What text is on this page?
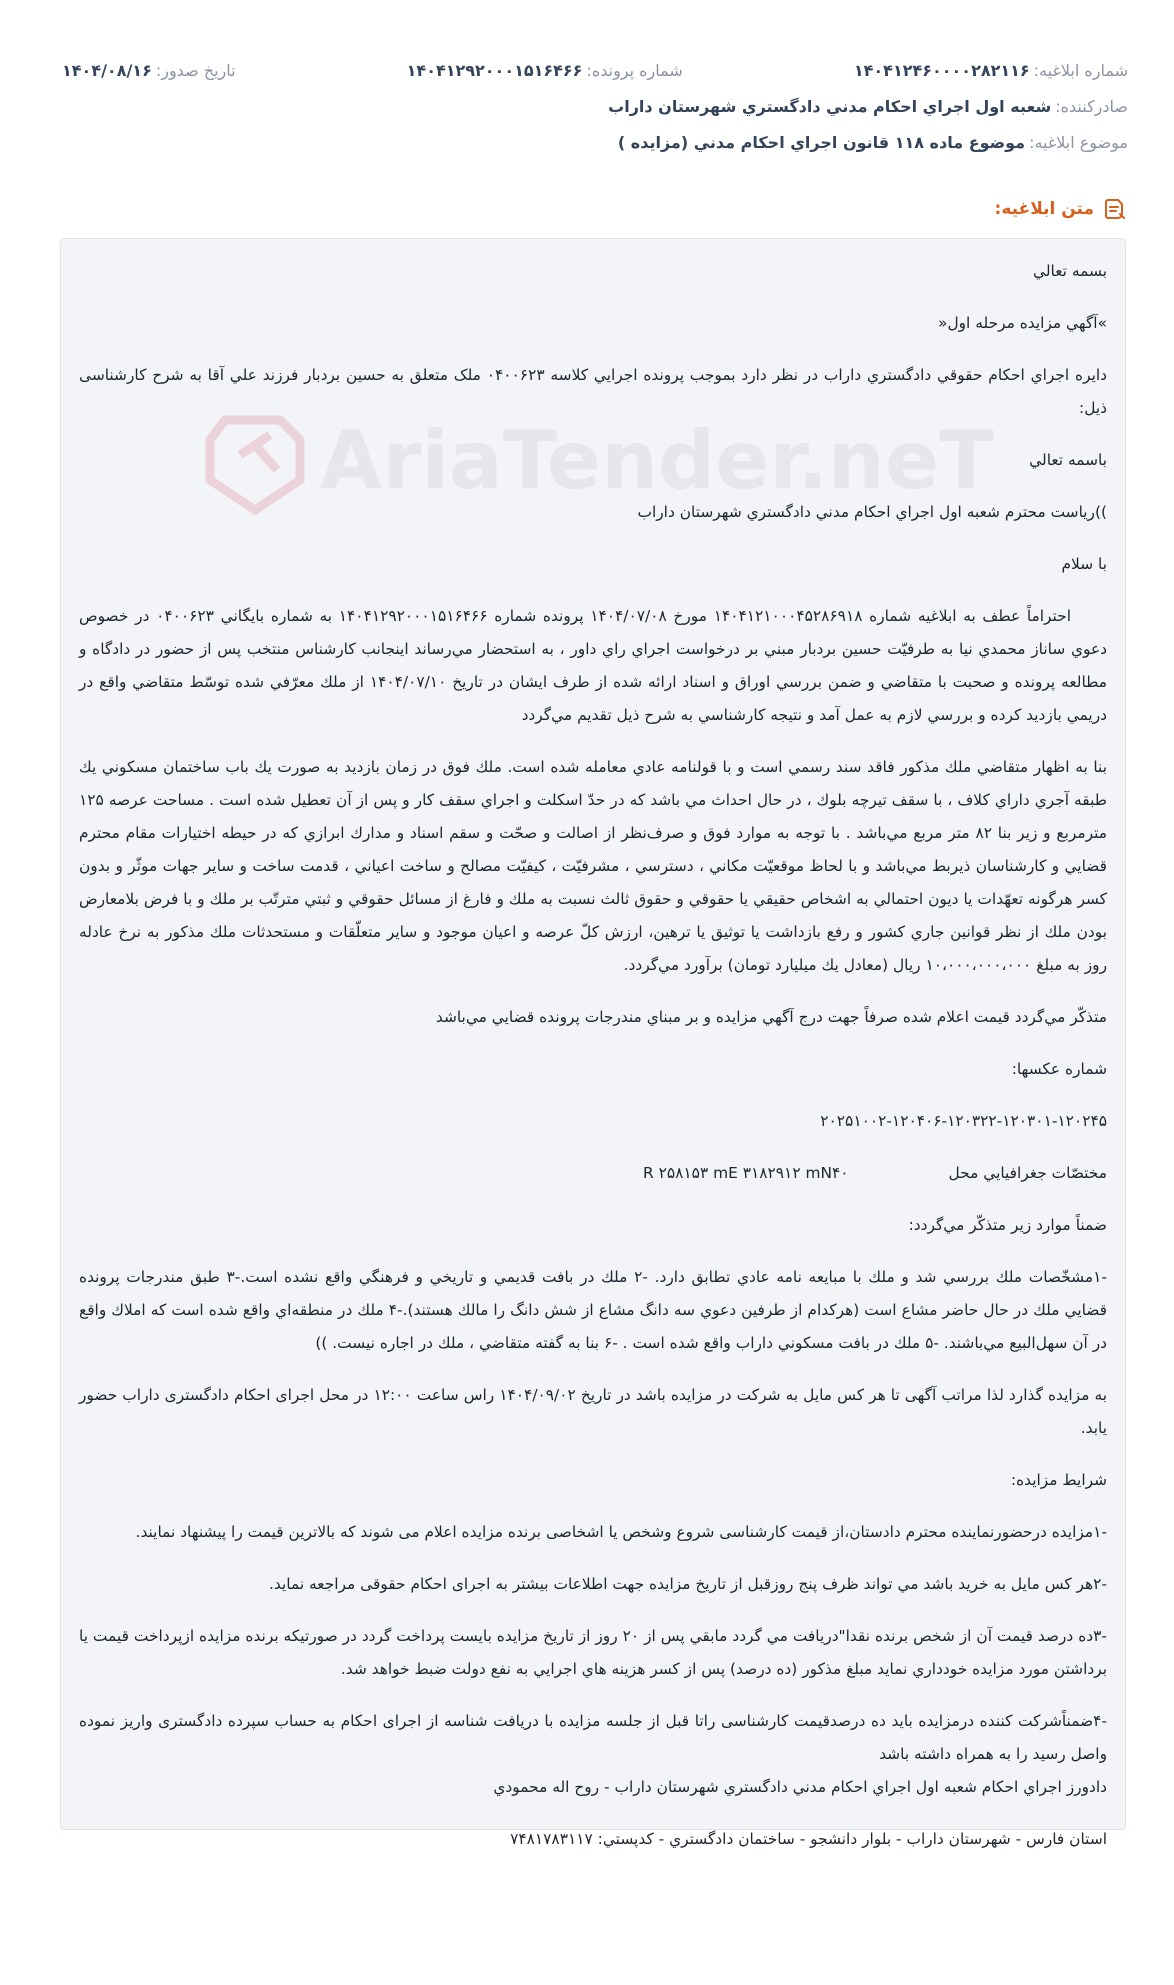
شماره ابلاغيه:
۱۴۰۴۱۲۴۶۰۰۰۰۲۸۲۱۱۶
شماره پرونده:
۱۴۰۴۱۲۹۲۰۰۰۱۵۱۶۴۶۶
تاريخ صدور:
۱۴۰۴/۰۸/۱۶
صادرکننده:
شعبه اول اجراي احکام مدني دادگستري شهرستان داراب
موضوع ابلاغيه:
موضوع ماده ۱۱۸ قانون اجراي احکام مدني (مزايده )
متن ابلاغيه:

بسمه تعالي

»آگهي مزايده مرحله اول«

دايره اجراي احكام حقوقي دادگستري داراب در نظر دارد بموجب پرونده اجرايي كلاسه ۰۴۰۰۶۲۳ ملک متعلق به حسين بردبار فرزند علي آقا به شرح کارشناسی ذيل:

باسمه تعالي

))رياست محترم شعبه اول اجراي احكام مدني دادگستري شهرستان داراب

با سلام

احتراماً عطف به ابلاغيه شماره ۱۴۰۴۱۲۱۰۰۰۴۵۲۸۶۹۱۸ مورخ ۱۴۰۴/۰۷/۰۸ پرونده شماره ۱۴۰۴۱۲۹۲۰۰۰۱۵۱۶۴۶۶ به شماره بايگاني ۰۴۰۰۶۲۳ در خصوص دعوي ساناز محمدي نيا به طرفيّت حسين بردبار مبني بر درخواست اجراي راي داور ، به استحضار مي‌رساند اينجانب كارشناس منتخب پس از حضور در دادگاه و مطالعه پرونده و صحبت با متقاضي و ضمن بررسي اوراق و اسناد ارائه شده از طرف ايشان در تاريخ ۱۴۰۴/۰۷/۱۰ از ملك معرّفي شده توسّط متقاضي واقع در دريمي بازديد كرده و بررسي لازم به عمل آمد و نتيجه كارشناسي به شرح ذيل تقديم مي‌گردد

بنا به اظهار متقاضي ملك مذكور فاقد سند رسمي است و با قولنامه عادي معامله شده است. ملك فوق در زمان بازديد به صورت يك باب ساختمان مسكوني يك طبقه آجري داراي كلاف ، با سقف تيرچه بلوك ، در حال احداث مي باشد كه در حدّ اسكلت و اجراي سقف كار و پس از آن تعطيل شده است . مساحت عرصه ۱۲۵ مترمربع و زير بنا ۸۲ متر مربع مي‌باشد . با توجه به موارد فوق و صرف‌نظر از اصالت و صحّت و سقم اسناد و مدارك ابرازي كه در حيطه اختيارات مقام محترم قضايي و كارشناسان ذيربط مي‌باشد و با لحاظ موقعيّت مكاني ، دسترسي ، مشرفيّت ، كيفيّت مصالح و ساخت اعياني ، قدمت ساخت و ساير جهات موثّر و بدون كسر هرگونه تعهّدات يا ديون احتمالي به اشخاص حقيقي يا حقوقي و حقوق ثالث نسبت به ملك و فارغ از مسائل حقوقي و ثبتي مترتّب بر ملك و با فرض بلامعارض بودن ملك از نظر قوانين جاري كشور و رفع بازداشت يا توثيق يا ترهين، ارزش كلّ عرصه و اعيان موجود و ساير متعلّقات و مستحدثات ملك مذكور به نرخ عادله روز به مبلغ ۱۰،۰۰۰،۰۰۰،۰۰۰ ريال (معادل يك ميليارد تومان) برآورد مي‌گردد.

متذكّر مي‌گردد قيمت اعلام شده صرفاً جهت درج آگهي مزايده و بر مبناي مندرجات پرونده قضايي مي‌باشد

شماره عكسها:

۲۰۲۵۱۰۰۲-۱۲۰۴۰۶-۱۲۰۳۲۲-۱۲۰۳۰۱-۱۲۰۲۴۵

مختصّات جغرافيايي محل
R ۲۵۸۱۵۳ mE ۳۱۸۲۹۱۲ mN۴۰

ضمناً موارد زير متذكّر مي‌گردد:

-۱مشخّصات ملك بررسي شد و ملك با مبايعه نامه عادي تطابق دارد. -۲ ملك در بافت قديمي و تاريخي و فرهنگي واقع نشده است.-۳ طبق مندرجات پرونده قضايي ملك در حال حاضر مشاع است (هركدام از طرفين دعوي سه دانگ مشاع از شش دانگ را مالك هستند).-۴ ملك در منطقه‌اي واقع شده است كه املاك واقع در آن سهل‌البيع مي‌باشند. -۵ ملك در بافت مسكوني داراب واقع شده است . -۶ بنا به گفته متقاضي ، ملك در اجاره نيست. ))

به مزايده گذارد لذا مراتب آگهی تا هر کس مایل به شرکت در مزایده باشد در تاریخ ۱۴۰۴/۰۹/۰۲ راس ساعت ۱۲:۰۰ در محل اجرای احکام دادگستری داراب حضور یابد.

شرایط مزایده:

-۱مزايده درحضورنماينده محترم دادستان،از قيمت كارشناسی شروع وشخص يا اشخاصی برنده مزايده اعلام می شوند كه بالاترين قيمت را پيشنهاد نمايند.

-۲هر كس مايل به خريد باشد مي تواند ظرف پنج روزقبل از تاريخ مزايده جهت اطلاعات بيشتر به اجرای احكام حقوقی مراجعه نمايد.

-۳ده درصد قيمت آن از شخص برنده نقدا"دريافت مي گردد مابقي پس از ۲۰ روز از تاريخ مزايده بايست پرداخت گردد در صورتيكه برنده مزايده ازپرداخت قيمت يا برداشتن مورد مزايده خودداري نمايد مبلغ مذكور (ده درصد) پس از كسر هزينه هاي اجرايي به نفع دولت ضبط خواهد شد.

-۴ضمناًشركت كننده درمزايده بايد ده درصدقيمت كارشناسی راتا قبل از جلسه مزايده با دريافت شناسه از اجرای احکام به حساب سپرده دادگستری واريز نموده واصل رسيد را به همراه داشته باشد

دادورز اجراي احکام شعبه اول اجراي احکام مدني دادگستري شهرستان داراب - روح اله محمودي

استان فارس - شهرستان داراب - بلوار دانشجو - ساختمان دادگستري - کدپستي: ۷۴۸۱۷۸۳۱۱۷
